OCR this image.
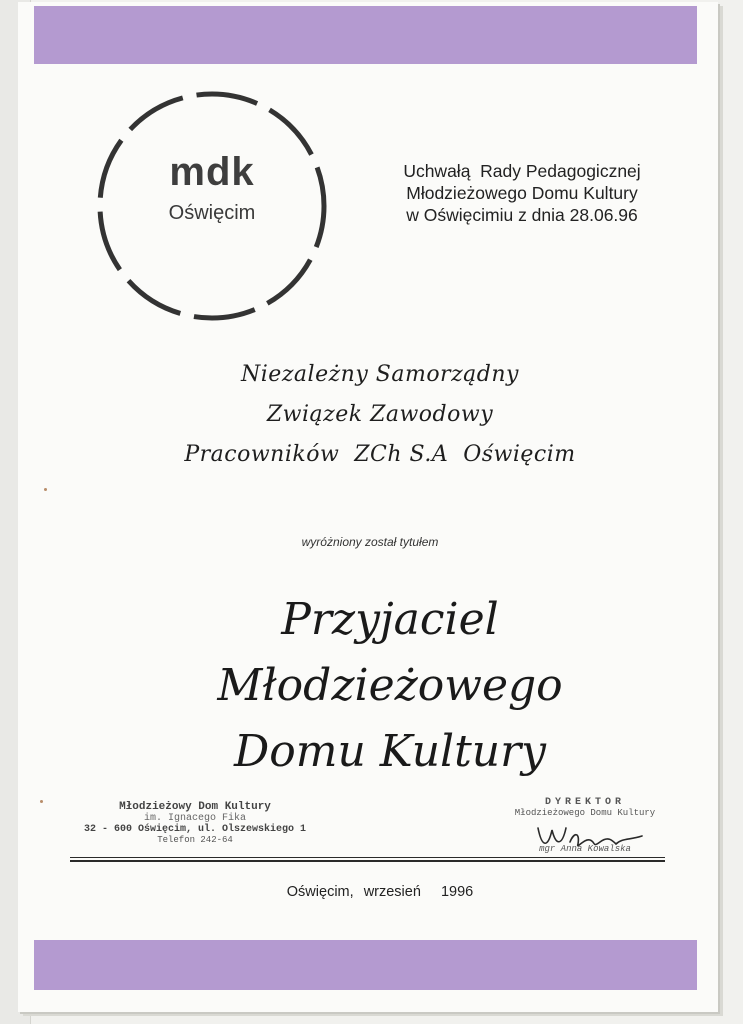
mdk
Oświęcim
Uchwałą  Rady Pedagogicznej
Młodzieżowego Domu Kultury
w Oświęcimiu z dnia 28.06.96
Niezależny Samorządny
Związek Zawodowy
Pracowników  ZCh S.A  Oświęcim
wyróżniony został tytułem
Przyjaciel
Młodzieżowego
Domu Kultury
Młodzieżowy Dom Kultury
im. Ignacego Fika
32 - 600 Oświęcim, ul. Olszewskiego 1
Telefon 242-64
DYREKTOR
Młodzieżowego Domu Kultury
mgr Anna Kowalska
Oświęcim, wrzesień  1996
